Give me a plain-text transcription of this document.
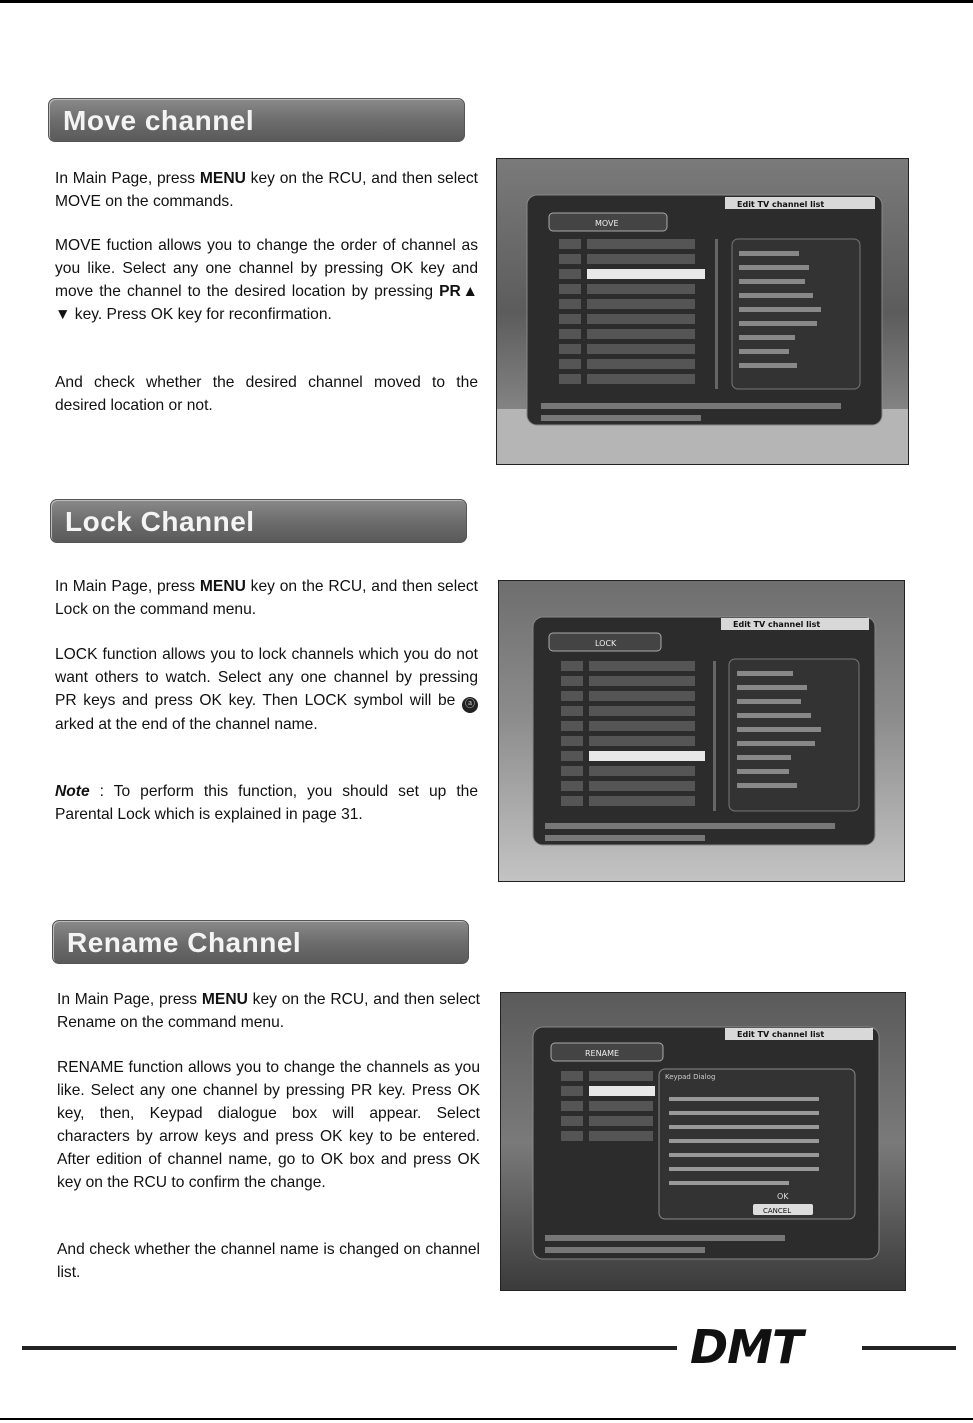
Move channel

In Main Page, press MENU key on the RCU, and then select MOVE on the commands.

MOVE fuction allows you to change the order of channel as you like. Select any one channel by pressing OK key and move the channel to the desired location by pressing PR▲ ▼ key. Press OK key for reconfirmation.

And check whether the desired channel moved to the desired location or not.

Edit TV channel list
MOVE
Lock Channel

In Main Page, press MENU key on the RCU, and then select Lock on the command menu.

LOCK function allows you to lock channels which you do not want others to watch. Select any one channel by pressing PR keys and press OK key. Then LOCK symbol will be ⓐarked at the end of the channel name.

Note : To perform this function, you should set up the Parental Lock which is explained in page 31.

Edit TV channel list
LOCK
Rename Channel

In Main Page, press MENU key on the RCU, and then select Rename on the command menu.

RENAME function allows you to change the channels as you like. Select any one channel by pressing PR key. Press OK key, then, Keypad dialogue box will appear. Select characters by arrow keys and press OK key to be entered. After edition of channel name, go to OK box and press OK key on the RCU to confirm the change.

And check whether the channel name is changed on channel list.

Edit TV channel list
RENAME
Keypad Dialog
OK
CANCEL
DMT
